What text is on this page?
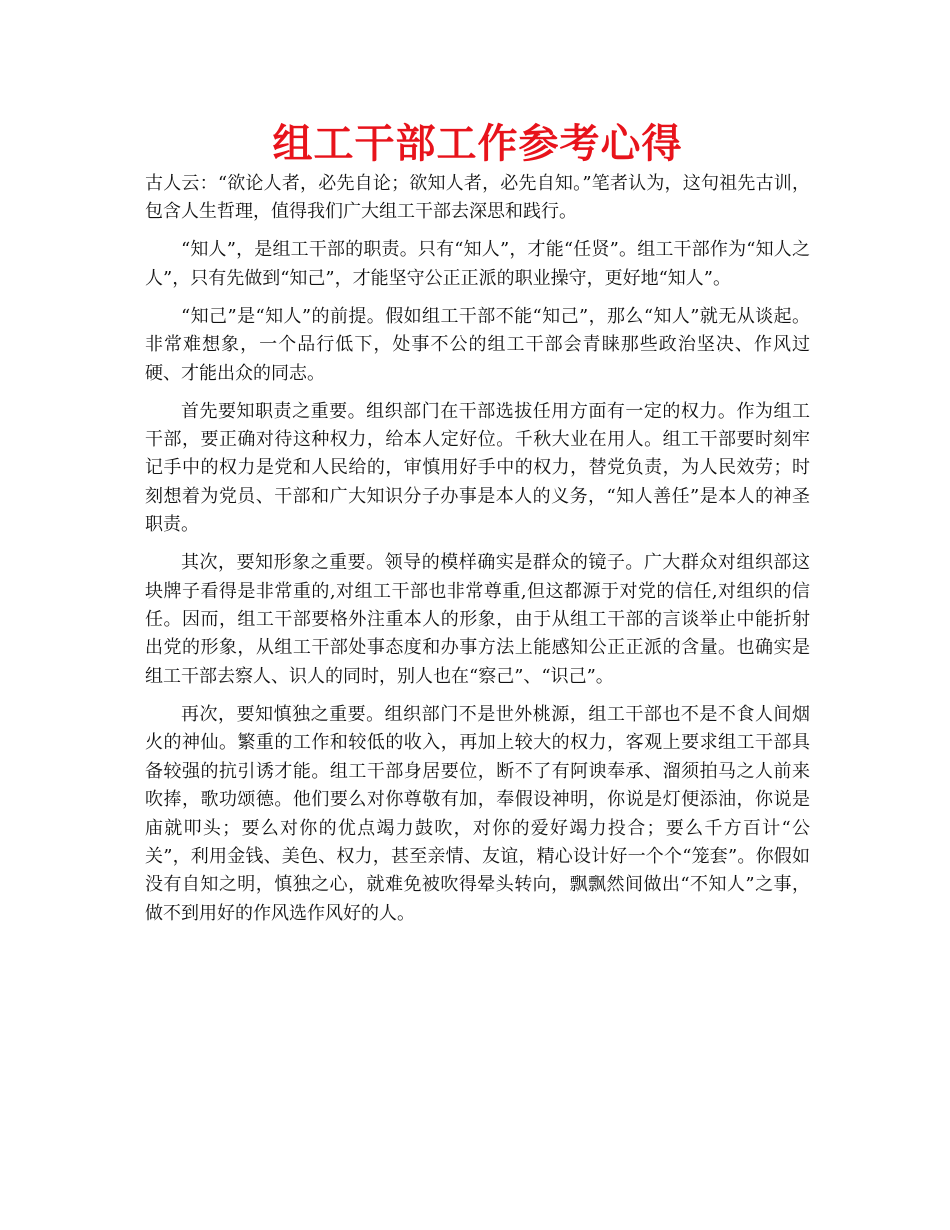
组工干部工作参考心得

古人云：“欲论人者，必先自论；欲知人者，必先自知。”笔者认为，这句祖先古训，包含人生哲理，值得我们广大组工干部去深思和践行。

“知人”，是组工干部的职责。只有“知人”，才能“任贤”。组工干部作为“知人之人”，只有先做到“知己”，才能坚守公正正派的职业操守，更好地“知人”。

“知己”是“知人”的前提。假如组工干部不能“知己”，那么“知人”就无从谈起。非常难想象，一个品行低下，处事不公的组工干部会青睐那些政治坚决、作风过硬、才能出众的同志。

首先要知职责之重要。组织部门在干部选拔任用方面有一定的权力。作为组工干部，要正确对待这种权力，给本人定好位。千秋大业在用人。组工干部要时刻牢记手中的权力是党和人民给的，审慎用好手中的权力，替党负责，为人民效劳；时刻想着为党员、干部和广大知识分子办事是本人的义务，“知人善任”是本人的神圣职责。

其次，要知形象之重要。领导的模样确实是群众的镜子。广大群众对组织部这块牌子看得是非常重的,对组工干部也非常尊重,但这都源于对党的信任,对组织的信任。因而，组工干部要格外注重本人的形象，由于从组工干部的言谈举止中能折射出党的形象，从组工干部处事态度和办事方法上能感知公正正派的含量。也确实是组工干部去察人、识人的同时，别人也在“察己”、“识己”。

再次，要知慎独之重要。组织部门不是世外桃源，组工干部也不是不食人间烟火的神仙。繁重的工作和较低的收入，再加上较大的权力，客观上要求组工干部具备较强的抗引诱才能。组工干部身居要位，断不了有阿谀奉承、溜须拍马之人前来吹捧，歌功颂德。他们要么对你尊敬有加，奉假设神明，你说是灯便添油，你说是庙就叩头；要么对你的优点竭力鼓吹，对你的爱好竭力投合；要么千方百计“公关”，利用金钱、美色、权力，甚至亲情、友谊，精心设计好一个个“笼套”。你假如没有自知之明，慎独之心，就难免被吹得晕头转向，飘飘然间做出“不知人”之事，做不到用好的作风选作风好的人。
